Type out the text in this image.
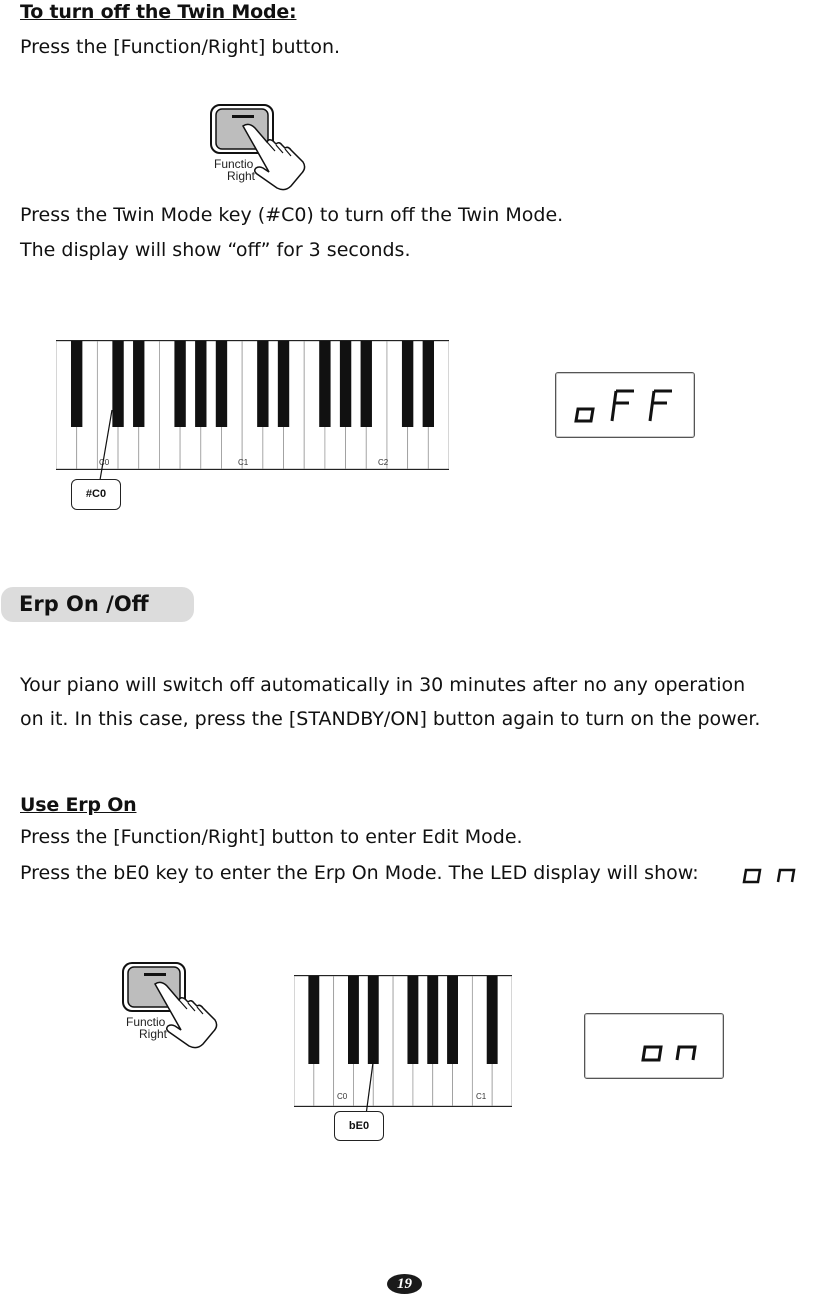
To turn off the Twin Mode:
Press the [Function/Right] button.
Functio
Right
Press the Twin Mode key (#C0) to turn off the Twin Mode.
The display will show “off” for 3 seconds.
C0	C1	C2
#C0
Erp On /Off
Your piano will switch off automatically in 30 minutes after no any operation
on it. In this case, press the [STANDBY/ON] button again to turn on the power.
Use Erp On
Press the [Function/Right] button to enter Edit Mode.
Press the bE0 key to enter the Erp On Mode. The LED display will show:	on
Functio
Right
C0	C1
bE0
19
